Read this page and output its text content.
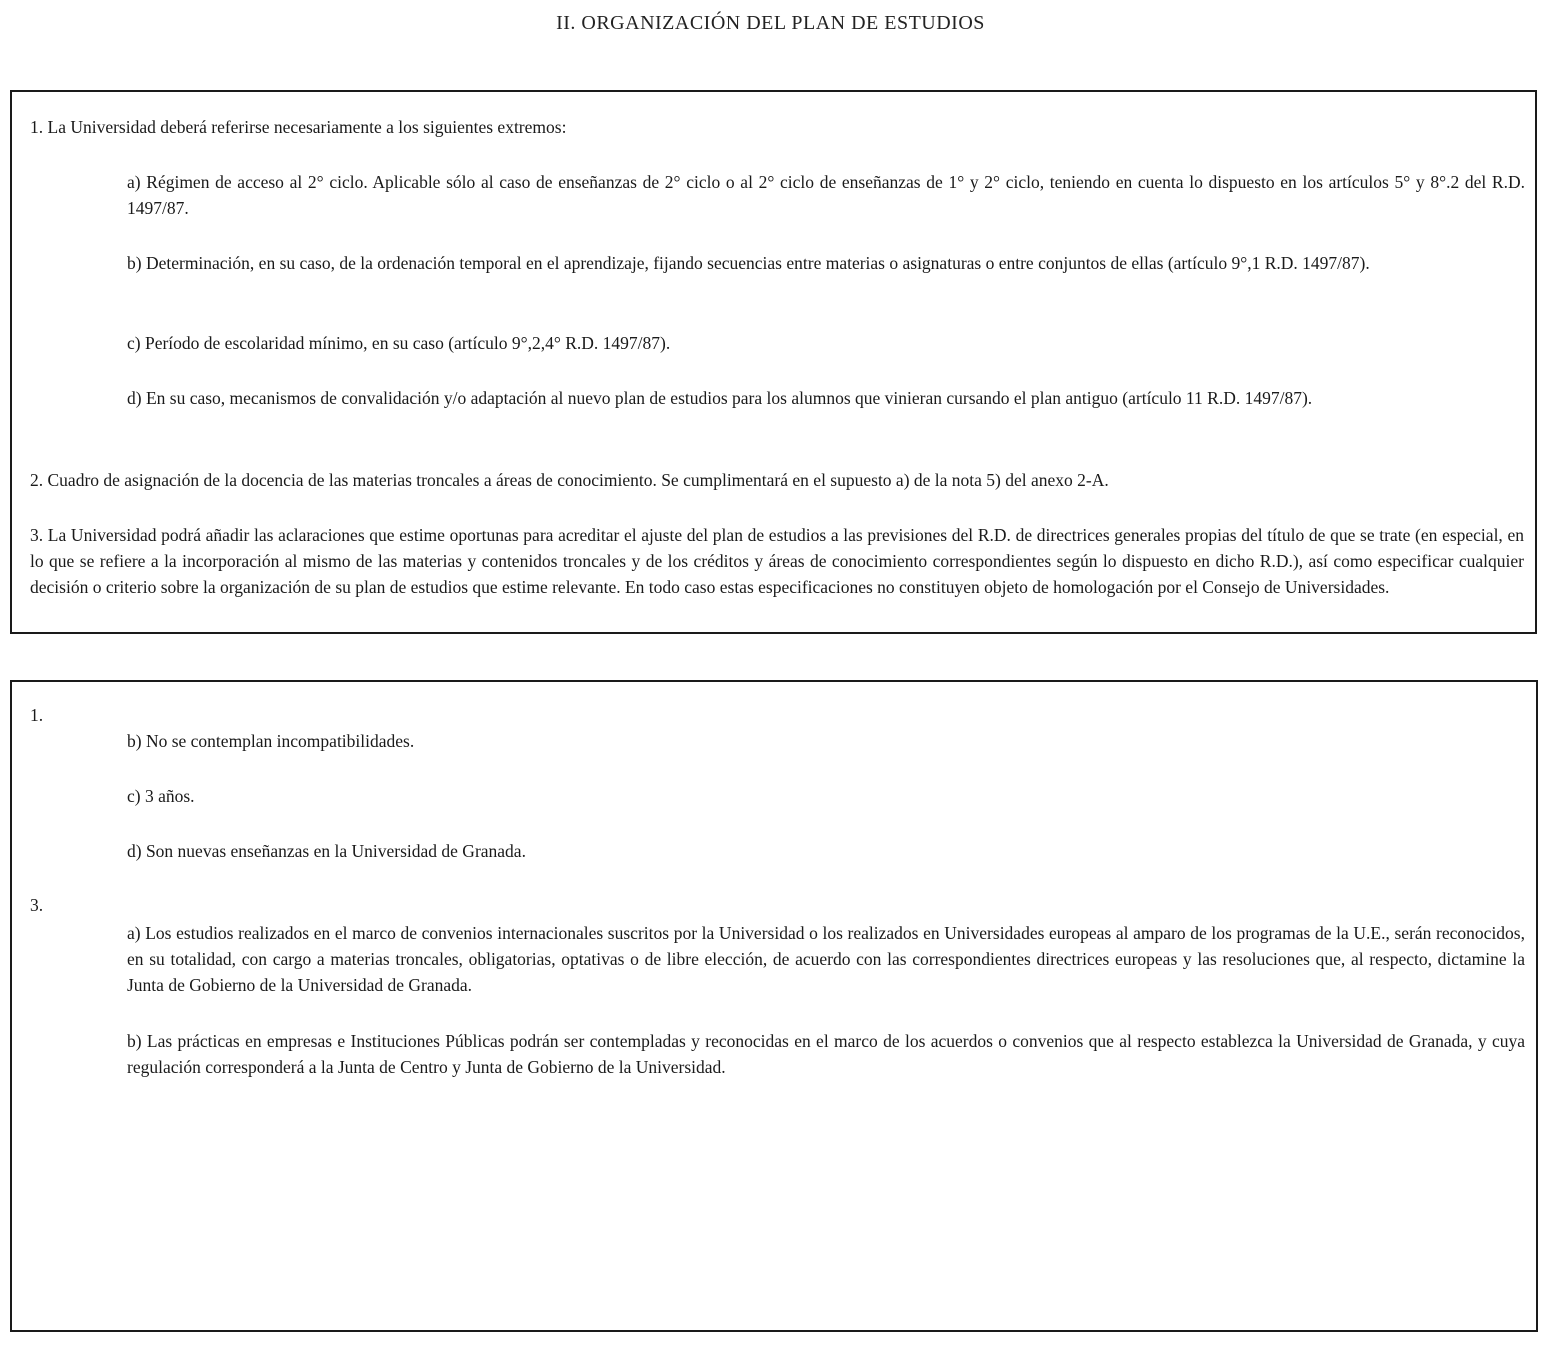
II. ORGANIZACIÓN DEL PLAN DE ESTUDIOS

1. La Universidad deberá referirse necesariamente a los siguientes extremos:

a) Régimen de acceso al 2° ciclo. Aplicable sólo al caso de enseñanzas de 2° ciclo o al 2° ciclo de enseñanzas de 1° y 2° ciclo, teniendo en cuenta lo dispuesto en los artículos 5° y 8°.2 del R.D. 1497/87.

b) Determinación, en su caso, de la ordenación temporal en el aprendizaje, fijando secuencias entre materias o asignaturas o entre conjuntos de ellas (artículo 9°,1 R.D. 1497/87).

c) Período de escolaridad mínimo, en su caso (artículo 9°,2,4° R.D. 1497/87).

d) En su caso, mecanismos de convalidación y/o adaptación al nuevo plan de estudios para los alumnos que vinieran cursando el plan antiguo (artículo 11 R.D. 1497/87).

2. Cuadro de asignación de la docencia de las materias troncales a áreas de conocimiento. Se cumplimentará en el supuesto a) de la nota 5) del anexo 2-A.

3. La Universidad podrá añadir las aclaraciones que estime oportunas para acreditar el ajuste del plan de estudios a las previsiones del R.D. de directrices generales propias del título de que se trate (en especial, en lo que se refiere a la incorporación al mismo de las materias y contenidos troncales y de los créditos y áreas de conocimiento correspondientes según lo dispuesto en dicho R.D.), así como especificar cualquier decisión o criterio sobre la organización de su plan de estudios que estime relevante. En todo caso estas especificaciones no constituyen objeto de homologación por el Consejo de Universidades.

1.

b) No se contemplan incompatibilidades.

c) 3 años.

d) Son nuevas enseñanzas en la Universidad de Granada.

3.

a) Los estudios realizados en el marco de convenios internacionales suscritos por la Universidad o los realizados en Universidades europeas al amparo de los programas de la U.E., serán reconocidos, en su totalidad, con cargo a materias troncales, obligatorias, optativas o de libre elección, de acuerdo con las correspondientes directrices europeas y las resoluciones que, al respecto, dictamine la Junta de Gobierno de la Universidad de Granada.

b) Las prácticas en empresas e Instituciones Públicas podrán ser contempladas y reconocidas en el marco de los acuerdos o convenios que al respecto establezca la Universidad de Granada, y cuya regulación corresponderá a la Junta de Centro y Junta de Gobierno de la Universidad.
